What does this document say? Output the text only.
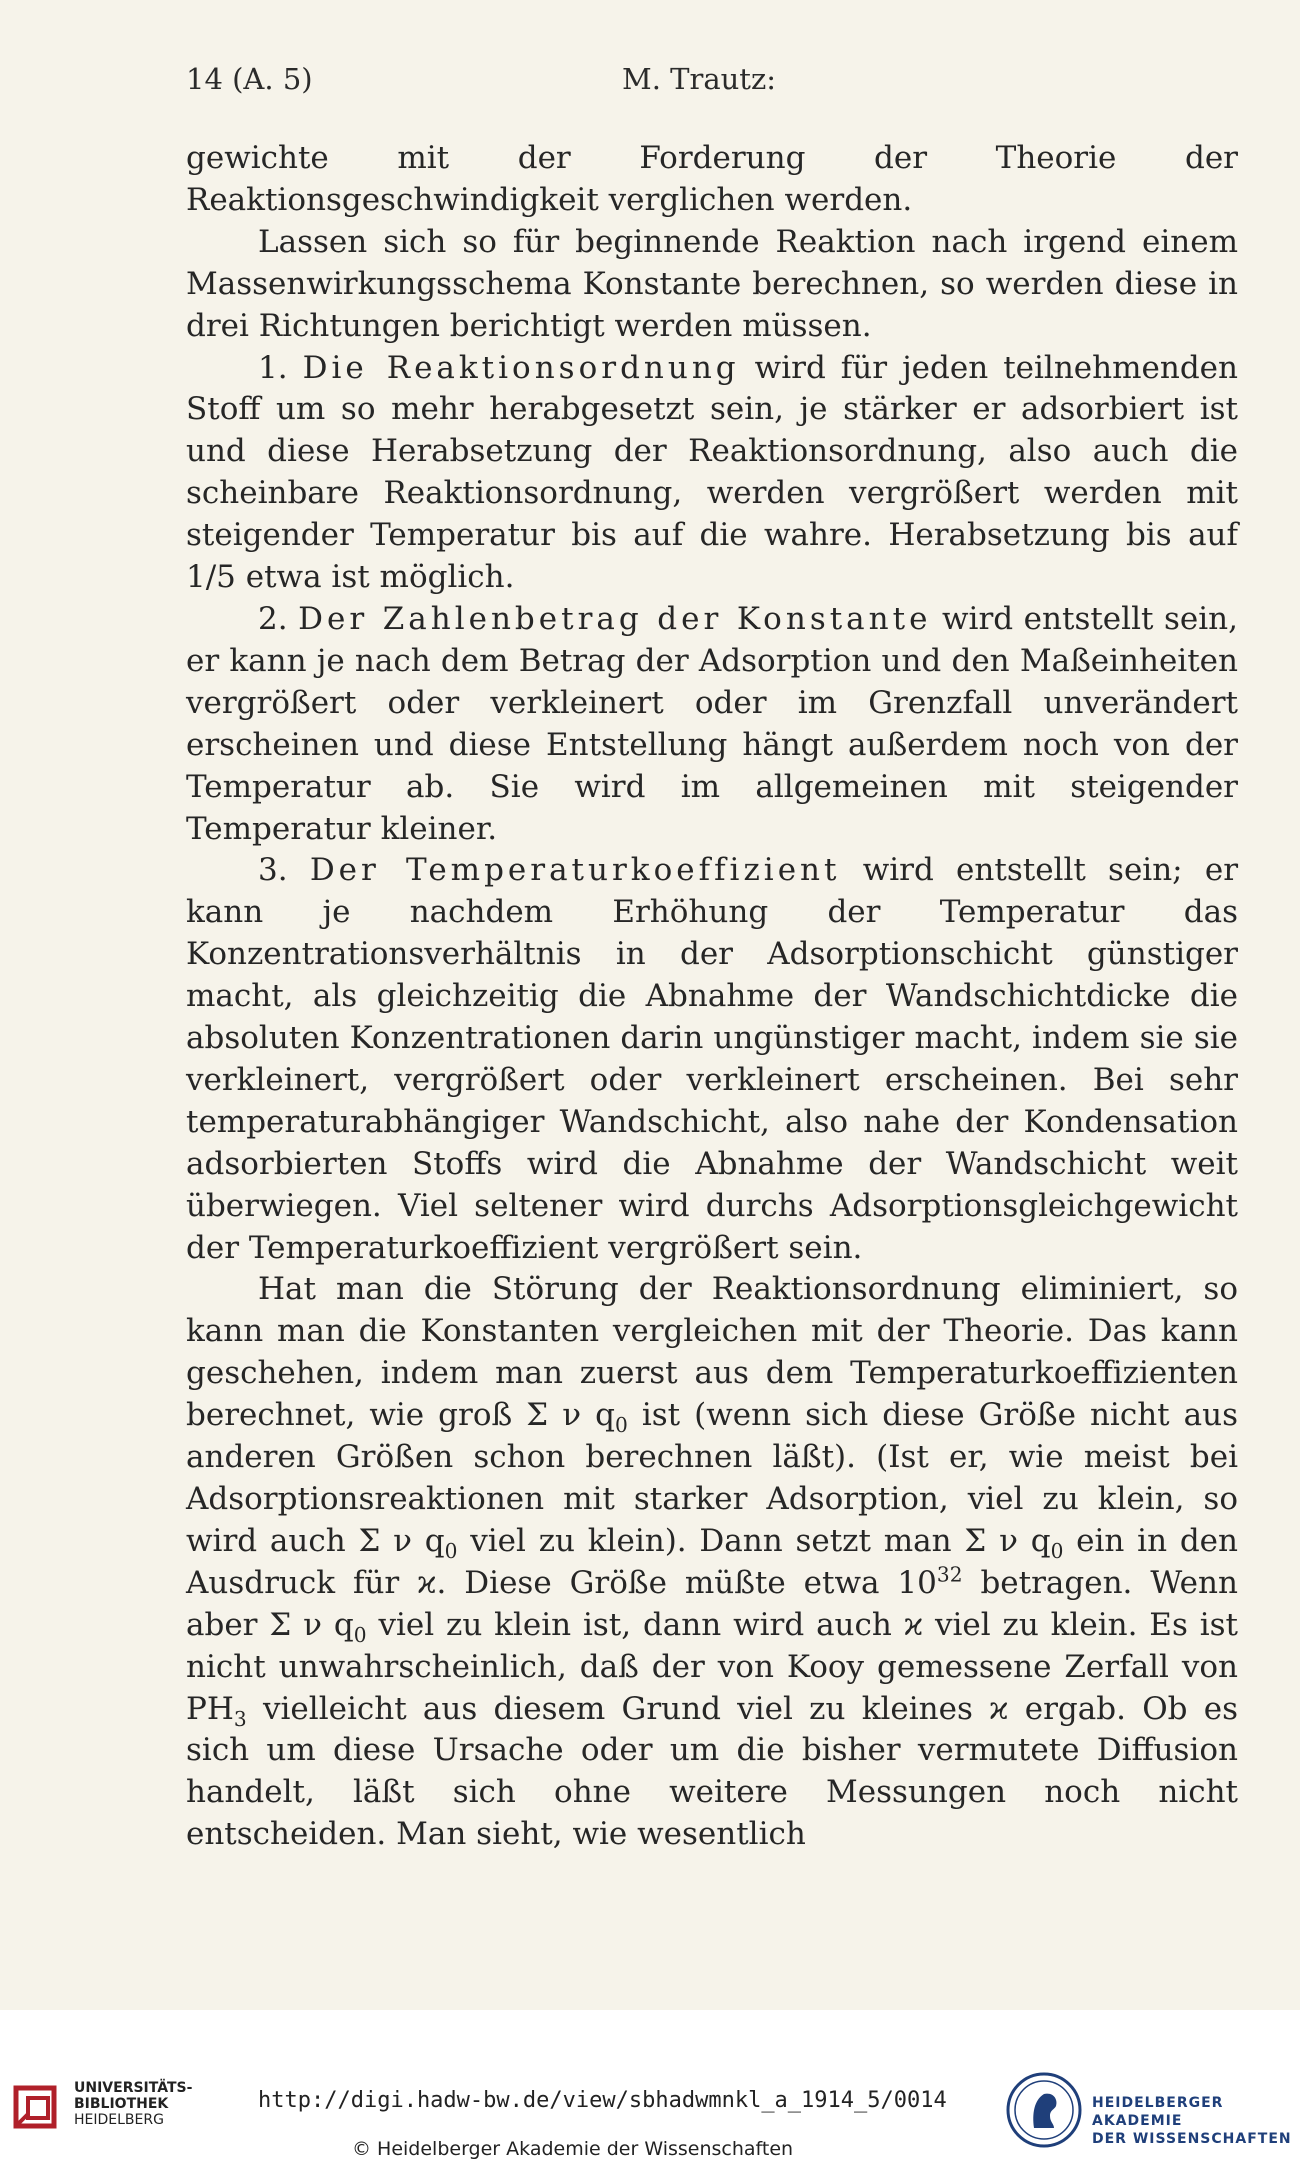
14 (A. 5)	M. Trautz:

gewichte mit der Forderung der Theorie der Reaktionsgeschwindigkeit verglichen werden.

Lassen sich so für beginnende Reaktion nach irgend einem Massenwirkungsschema Konstante berechnen, so werden diese in drei Richtungen berichtigt werden müssen.

1. Die Reaktionsordnung wird für jeden teilnehmenden Stoff um so mehr herabgesetzt sein, je stärker er adsorbiert ist und diese Herabsetzung der Reaktionsordnung, also auch die scheinbare Reaktionsordnung, werden vergrößert werden mit steigender Temperatur bis auf die wahre. Herabsetzung bis auf 1/5 etwa ist möglich.

2. Der Zahlenbetrag der Konstante wird entstellt sein, er kann je nach dem Betrag der Adsorption und den Maßeinheiten vergrößert oder verkleinert oder im Grenzfall unverändert erscheinen und diese Entstellung hängt außerdem noch von der Temperatur ab. Sie wird im allgemeinen mit steigender Temperatur kleiner.

3. Der Temperaturkoeffizient wird entstellt sein; er kann je nachdem Erhöhung der Temperatur das Konzentrationsverhältnis in der Adsorptionschicht günstiger macht, als gleichzeitig die Abnahme der Wandschichtdicke die absoluten Konzentrationen darin ungünstiger macht, indem sie sie verkleinert, vergrößert oder verkleinert erscheinen. Bei sehr temperaturabhängiger Wandschicht, also nahe der Kondensation adsorbierten Stoffs wird die Abnahme der Wandschicht weit überwiegen. Viel seltener wird durchs Adsorptionsgleichgewicht der Temperaturkoeffizient vergrößert sein.

Hat man die Störung der Reaktionsordnung eliminiert, so kann man die Konstanten vergleichen mit der Theorie. Das kann geschehen, indem man zuerst aus dem Temperaturkoeffizienten berechnet, wie groß Σ ν $q_0$ ist (wenn sich diese Größe nicht aus anderen Größen schon berechnen läßt). (Ist er, wie meist bei Adsorptionsreaktionen mit starker Adsorption, viel zu klein, so wird auch Σ ν $q_0$ viel zu klein). Dann setzt man Σ ν $q_0$ ein in den Ausdruck für ϰ. Diese Größe müßte etwa $10^{32}$ betragen. Wenn aber Σ ν $q_0$ viel zu klein ist, dann wird auch ϰ viel zu klein. Es ist nicht unwahrscheinlich, daß der von Kooy gemessene Zerfall von $PH_3$ vielleicht aus diesem Grund viel zu kleines ϰ ergab. Ob es sich um diese Ursache oder um die bisher vermutete Diffusion handelt, läßt sich ohne weitere Messungen noch nicht entscheiden. Man sieht, wie wesentlich

UNIVERSITÄTS-
BIBLIOTHEK
HEIDELBERG
http://digi.hadw-bw.de/view/sbhadwmnkl_a_1914_5/0014
© Heidelberger Akademie der Wissenschaften
HEIDELBERGER AKADEMIE
DER WISSENSCHAFTEN
